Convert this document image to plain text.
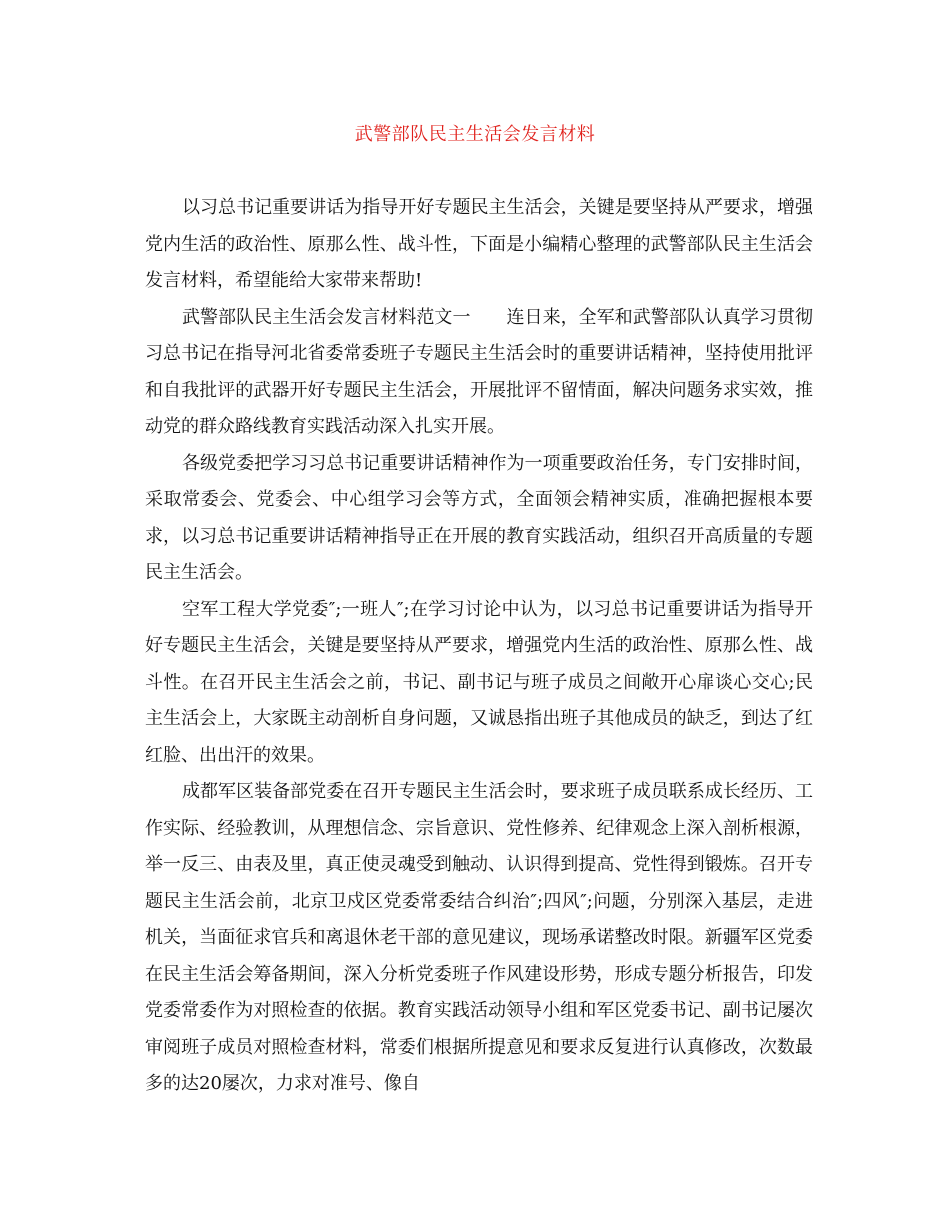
武警部队民主生活会发言材料

以习总书记重要讲话为指导开好专题民主生活会，关键是要坚持从严要求，增强党内生活的政治性、原那么性、战斗性，下面是小编精心整理的武警部队民主生活会发言材料，希望能给大家带来帮助!

武警部队民主生活会发言材料范文一 连日来，全军和武警部队认真学习贯彻习总书记在指导河北省委常委班子专题民主生活会时的重要讲话精神，坚持使用批评和自我批评的武器开好专题民主生活会，开展批评不留情面，解决问题务求实效，推动党的群众路线教育实践活动深入扎实开展。

各级党委把学习习总书记重要讲话精神作为一项重要政治任务，专门安排时间，采取常委会、党委会、中心组学习会等方式，全面领会精神实质，准确把握根本要求，以习总书记重要讲话精神指导正在开展的教育实践活动，组织召开高质量的专题民主生活会。

空军工程大学党委″;一班人″;在学习讨论中认为，以习总书记重要讲话为指导开好专题民主生活会，关键是要坚持从严要求，增强党内生活的政治性、原那么性、战斗性。在召开民主生活会之前，书记、副书记与班子成员之间敞开心扉谈心交心;民主生活会上，大家既主动剖析自身问题，又诚恳指出班子其他成员的缺乏，到达了红红脸、出出汗的效果。

成都军区装备部党委在召开专题民主生活会时，要求班子成员联系成长经历、工作实际、经验教训，从理想信念、宗旨意识、党性修养、纪律观念上深入剖析根源，举一反三、由表及里，真正使灵魂受到触动、认识得到提高、党性得到锻炼。召开专题民主生活会前，北京卫戍区党委常委结合纠治″;四风″;问题，分别深入基层，走进机关，当面征求官兵和离退休老干部的意见建议，现场承诺整改时限。新疆军区党委在民主生活会筹备期间，深入分析党委班子作风建设形势，形成专题分析报告，印发党委常委作为对照检查的依据。教育实践活动领导小组和军区党委书记、副书记屡次审阅班子成员对照检查材料，常委们根据所提意见和要求反复进行认真修改，次数最多的达20屡次，力求对准号、像自
